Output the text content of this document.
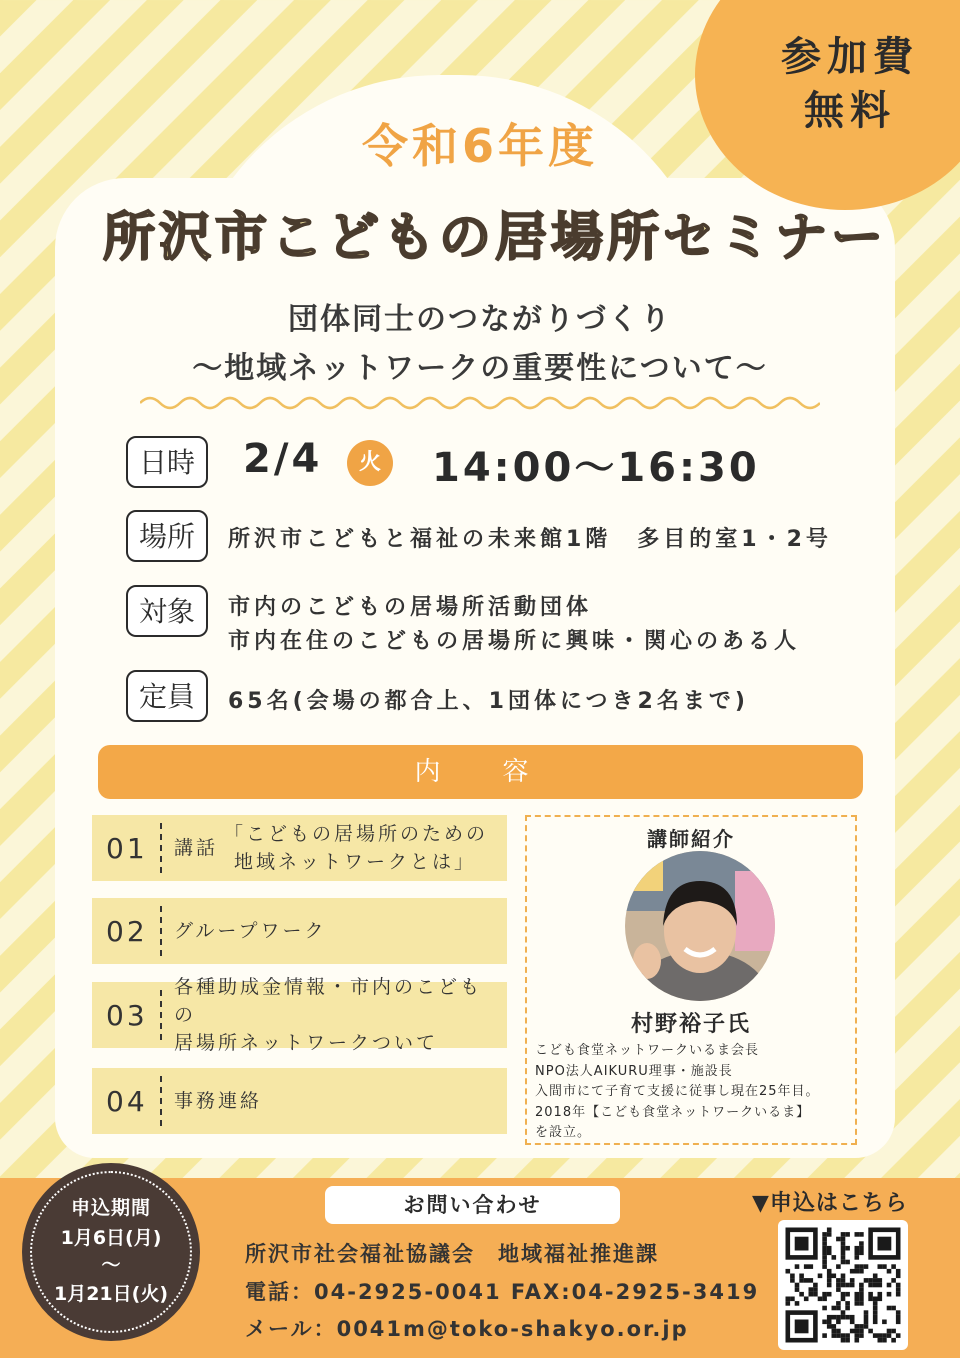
参加費
無料
令和6年度
所沢市こどもの居場所セミナー
団体同士のつながりづくり
〜地域ネットワークの重要性について〜
日時	2/4	火	14:00〜16:30
場所	所沢市こどもと福祉の未来館1階　多目的室1・2号
対象	市内のこどもの居場所活動団体
市内在住のこどもの居場所に興味・関心のある人
定員	65名(会場の都合上、1団体につき2名まで)
内　容
01	講話
「こどもの居場所のための
地域ネットワークとは」
02	グループワーク
03
各種助成金情報・市内のこどもの
居場所ネットワークついて
04	事務連絡
講師紹介
村野裕子氏
こども食堂ネットワークいるま会長
NPO法人AIKURU理事・施設長
入間市にて子育て支援に従事し現在25年目。
2018年【こども食堂ネットワークいるま】
を設立。
申込期間
1月6日(月)
〜
1月21日(火)
お問い合わせ
所沢市社会福祉協議会　地域福祉推進課
電話：04-2925-0041 FAX:04-2925-3419
メール：0041m@toko-shakyo.or.jp
▼申込はこちら
